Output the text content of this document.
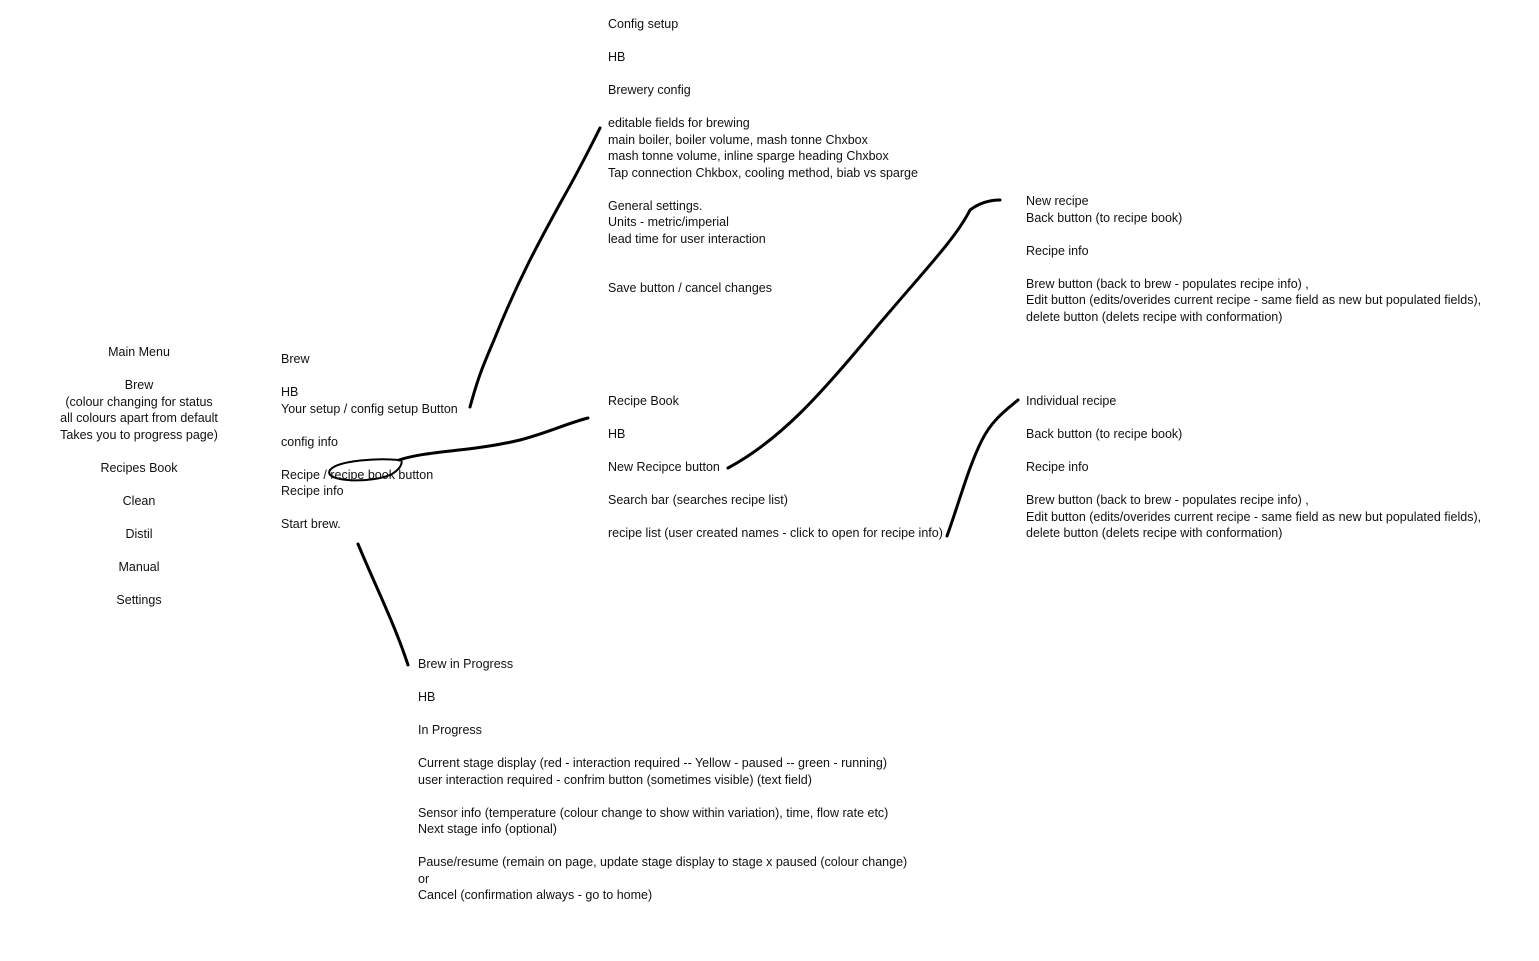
Main Menu
Brew
(colour changing for status
all colours apart from default
Takes you to progress page)
Recipes Book
Clean
Distil
Manual
Settings
Brew
HB
Your setup / config setup Button
config info
Recipe / recipe book button
Recipe info
Start brew.
Config setup
HB
Brewery config
editable fields for brewing
main boiler, boiler volume, mash tonne Chxbox
mash tonne volume, inline sparge heading Chxbox
Tap connection Chkbox, cooling method, biab vs sparge
General settings.
Units - metric/imperial
lead time for user interaction
Save button / cancel changes
Recipe Book
HB
New Recipce button
Search bar (searches recipe list)
recipe list (user created names - click to open for recipe info)
New recipe
Back button (to recipe book)
Recipe info
Brew button (back to brew - populates recipe info) ,
Edit button (edits/overides current recipe - same field as new but populated fields),
delete button (delets recipe with conformation)
Individual recipe
Back button (to recipe book)
Recipe info
Brew button (back to brew - populates recipe info) ,
Edit button (edits/overides current recipe - same field as new but populated fields),
delete button (delets recipe with conformation)
Brew in Progress
HB
In Progress
Current stage display (red - interaction required -- Yellow - paused -- green - running)
user interaction required - confrim button (sometimes visible) (text field)
Sensor info (temperature (colour change to show within variation), time, flow rate etc)
Next stage info (optional)
Pause/resume (remain on page, update stage display to stage x paused (colour change)
or
Cancel (confirmation always - go to home)
